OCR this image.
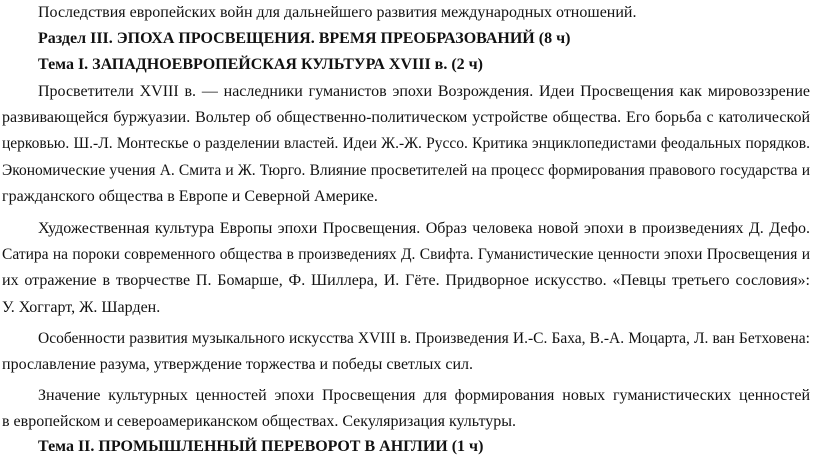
Последствия европейских войн для дальнейшего развития международных отношений.
Раздел III. ЭПОХА ПРОСВЕЩЕНИЯ. ВРЕМЯ ПРЕОБРАЗОВАНИЙ (8 ч)
Тема I. ЗАПАДНОЕВРОПЕЙСКАЯ КУЛЬТУРА XVIII в. (2 ч)
Просветители XVIII в. — наследники гуманистов эпохи Возрождения. Идеи Просвещения как мировоззрение
развивающейся буржуазии. Вольтер об общественно-политическом устройстве общества. Его борьба с католической
церковью. Ш.-Л. Монтескье о разделении властей. Идеи Ж.-Ж. Руссо. Критика энциклопедистами феодальных порядков.
Экономические учения А. Смита и Ж. Тюрго. Влияние просветителей на процесс формирования правового государства и
гражданского общества в Европе и Северной Америке.
Художественная культура Европы эпохи Просвещения. Образ человека новой эпохи в произведениях Д. Дефо.
Сатира на пороки современного общества в произведениях Д. Свифта. Гуманистические ценности эпохи Просвещения и
их отражение в творчестве П. Бомарше, Ф. Шиллера, И. Гёте. Придворное искусство. «Певцы третьего сословия»:
У. Хоггарт, Ж. Шарден.
Особенности развития музыкального искусства XVIII в. Произведения И.-С. Баха, В.-А. Моцарта, Л. ван Бетховена:
прославление разума, утверждение торжества и победы светлых сил.
Значение культурных ценностей эпохи Просвещения для формирования новых гуманистических ценностей
в европейском и североамериканском обществах. Секуляризация культуры.
Тема II. ПРОМЫШЛЕННЫЙ ПЕРЕВОРОТ В АНГЛИИ (1 ч)
